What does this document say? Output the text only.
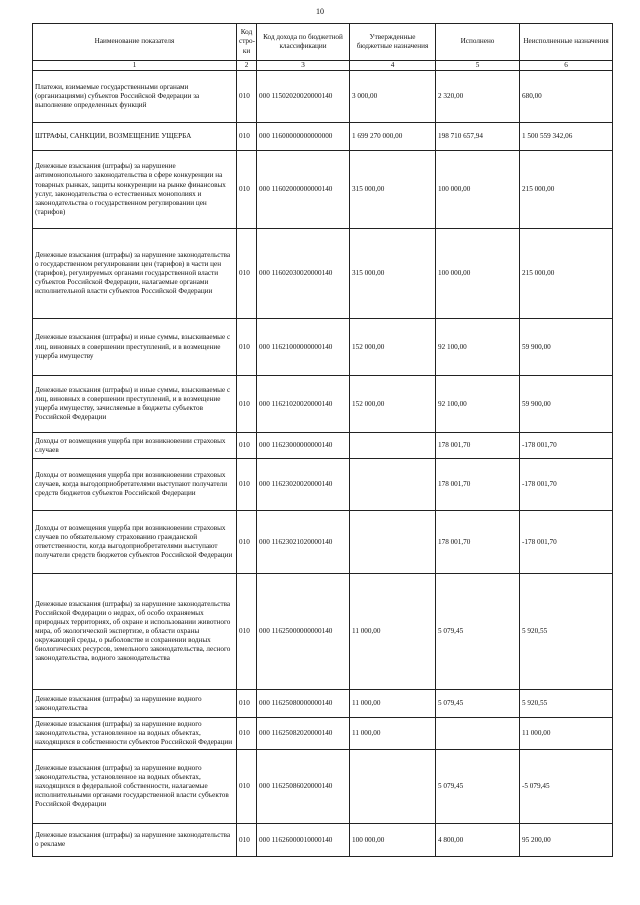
10
Наименование показателя	Код стро-ки	Код дохода по бюджетной классификации	Утвержденные бюджетные назначения	Исполнено	Неисполненные назначения
1	2	3	4	5	6
Платежи, взимаемые государственными органами (организациями) субъектов Российской Федерации за выполнение определенных функций	010	000 11502020020000140	3 000,00	2 320,00	680,00
ШТРАФЫ, САНКЦИИ, ВОЗМЕЩЕНИЕ УЩЕРБА	010	000 11600000000000000	1 699 270 000,00	198 710 657,94	1 500 559 342,06
Денежные взыскания (штрафы) за нарушение антимонопольного законодательства в сфере конкуренции на товарных рынках, защиты конкуренции на рынке финансовых услуг, законодательства о естественных монополиях и законодательства о государственном регулировании цен (тарифов)	010	000 11602000000000140	315 000,00	100 000,00	215 000,00
Денежные взыскания (штрафы) за нарушение законодательства о государственном регулировании цен (тарифов) в части цен (тарифов), регулируемых органами государственной власти субъектов Российской Федерации, налагаемые органами исполнительной власти субъектов Российской Федерации	010	000 11602030020000140	315 000,00	100 000,00	215 000,00
Денежные взыскания (штрафы) и иные суммы, взыскиваемые с лиц, виновных в совершении преступлений, и в возмещение ущерба имуществу	010	000 11621000000000140	152 000,00	92 100,00	59 900,00
Денежные взыскания (штрафы) и иные суммы, взыскиваемые с лиц, виновных в совершении преступлений, и в возмещение ущерба имуществу, зачисляемые в бюджеты субъектов Российской Федерации	010	000 11621020020000140	152 000,00	92 100,00	59 900,00
Доходы от возмещения ущерба при возникновении страховых случаев	010	000 11623000000000140		178 001,70	-178 001,70
Доходы от возмещения ущерба при возникновении страховых случаев, когда выгодоприобретателями выступают получатели средств бюджетов субъектов Российской Федерации	010	000 11623020020000140		178 001,70	-178 001,70
Доходы от возмещения ущерба при возникновении страховых случаев по обязательному страхованию гражданской ответственности, когда выгодоприобретателями выступают получатели средств бюджетов субъектов Российской Федерации	010	000 11623021020000140		178 001,70	-178 001,70
Денежные взыскания (штрафы) за нарушение законодательства Российской Федерации о недрах, об особо охраняемых природных территориях, об охране и использовании животного мира, об экологической экспертизе, в области охраны окружающей среды, о рыболовстве и сохранении водных биологических ресурсов, земельного законодательства, лесного законодательства, водного законодательства	010	000 11625000000000140	11 000,00	5 079,45	5 920,55
Денежные взыскания (штрафы) за нарушение водного законодательства	010	000 11625080000000140	11 000,00	5 079,45	5 920,55
Денежные взыскания (штрафы) за нарушение водного законодательства, установленное на водных объектах, находящихся в собственности субъектов Российской Федерации	010	000 11625082020000140	11 000,00		11 000,00
Денежные взыскания (штрафы) за нарушение водного законодательства, установленное на водных объектах, находящихся в федеральной собственности, налагаемые исполнительными органами государственной власти субъектов Российской Федерации	010	000 11625086020000140		5 079,45	-5 079,45
Денежные взыскания (штрафы) за нарушение законодательства о рекламе	010	000 11626000010000140	100 000,00	4 800,00	95 200,00
